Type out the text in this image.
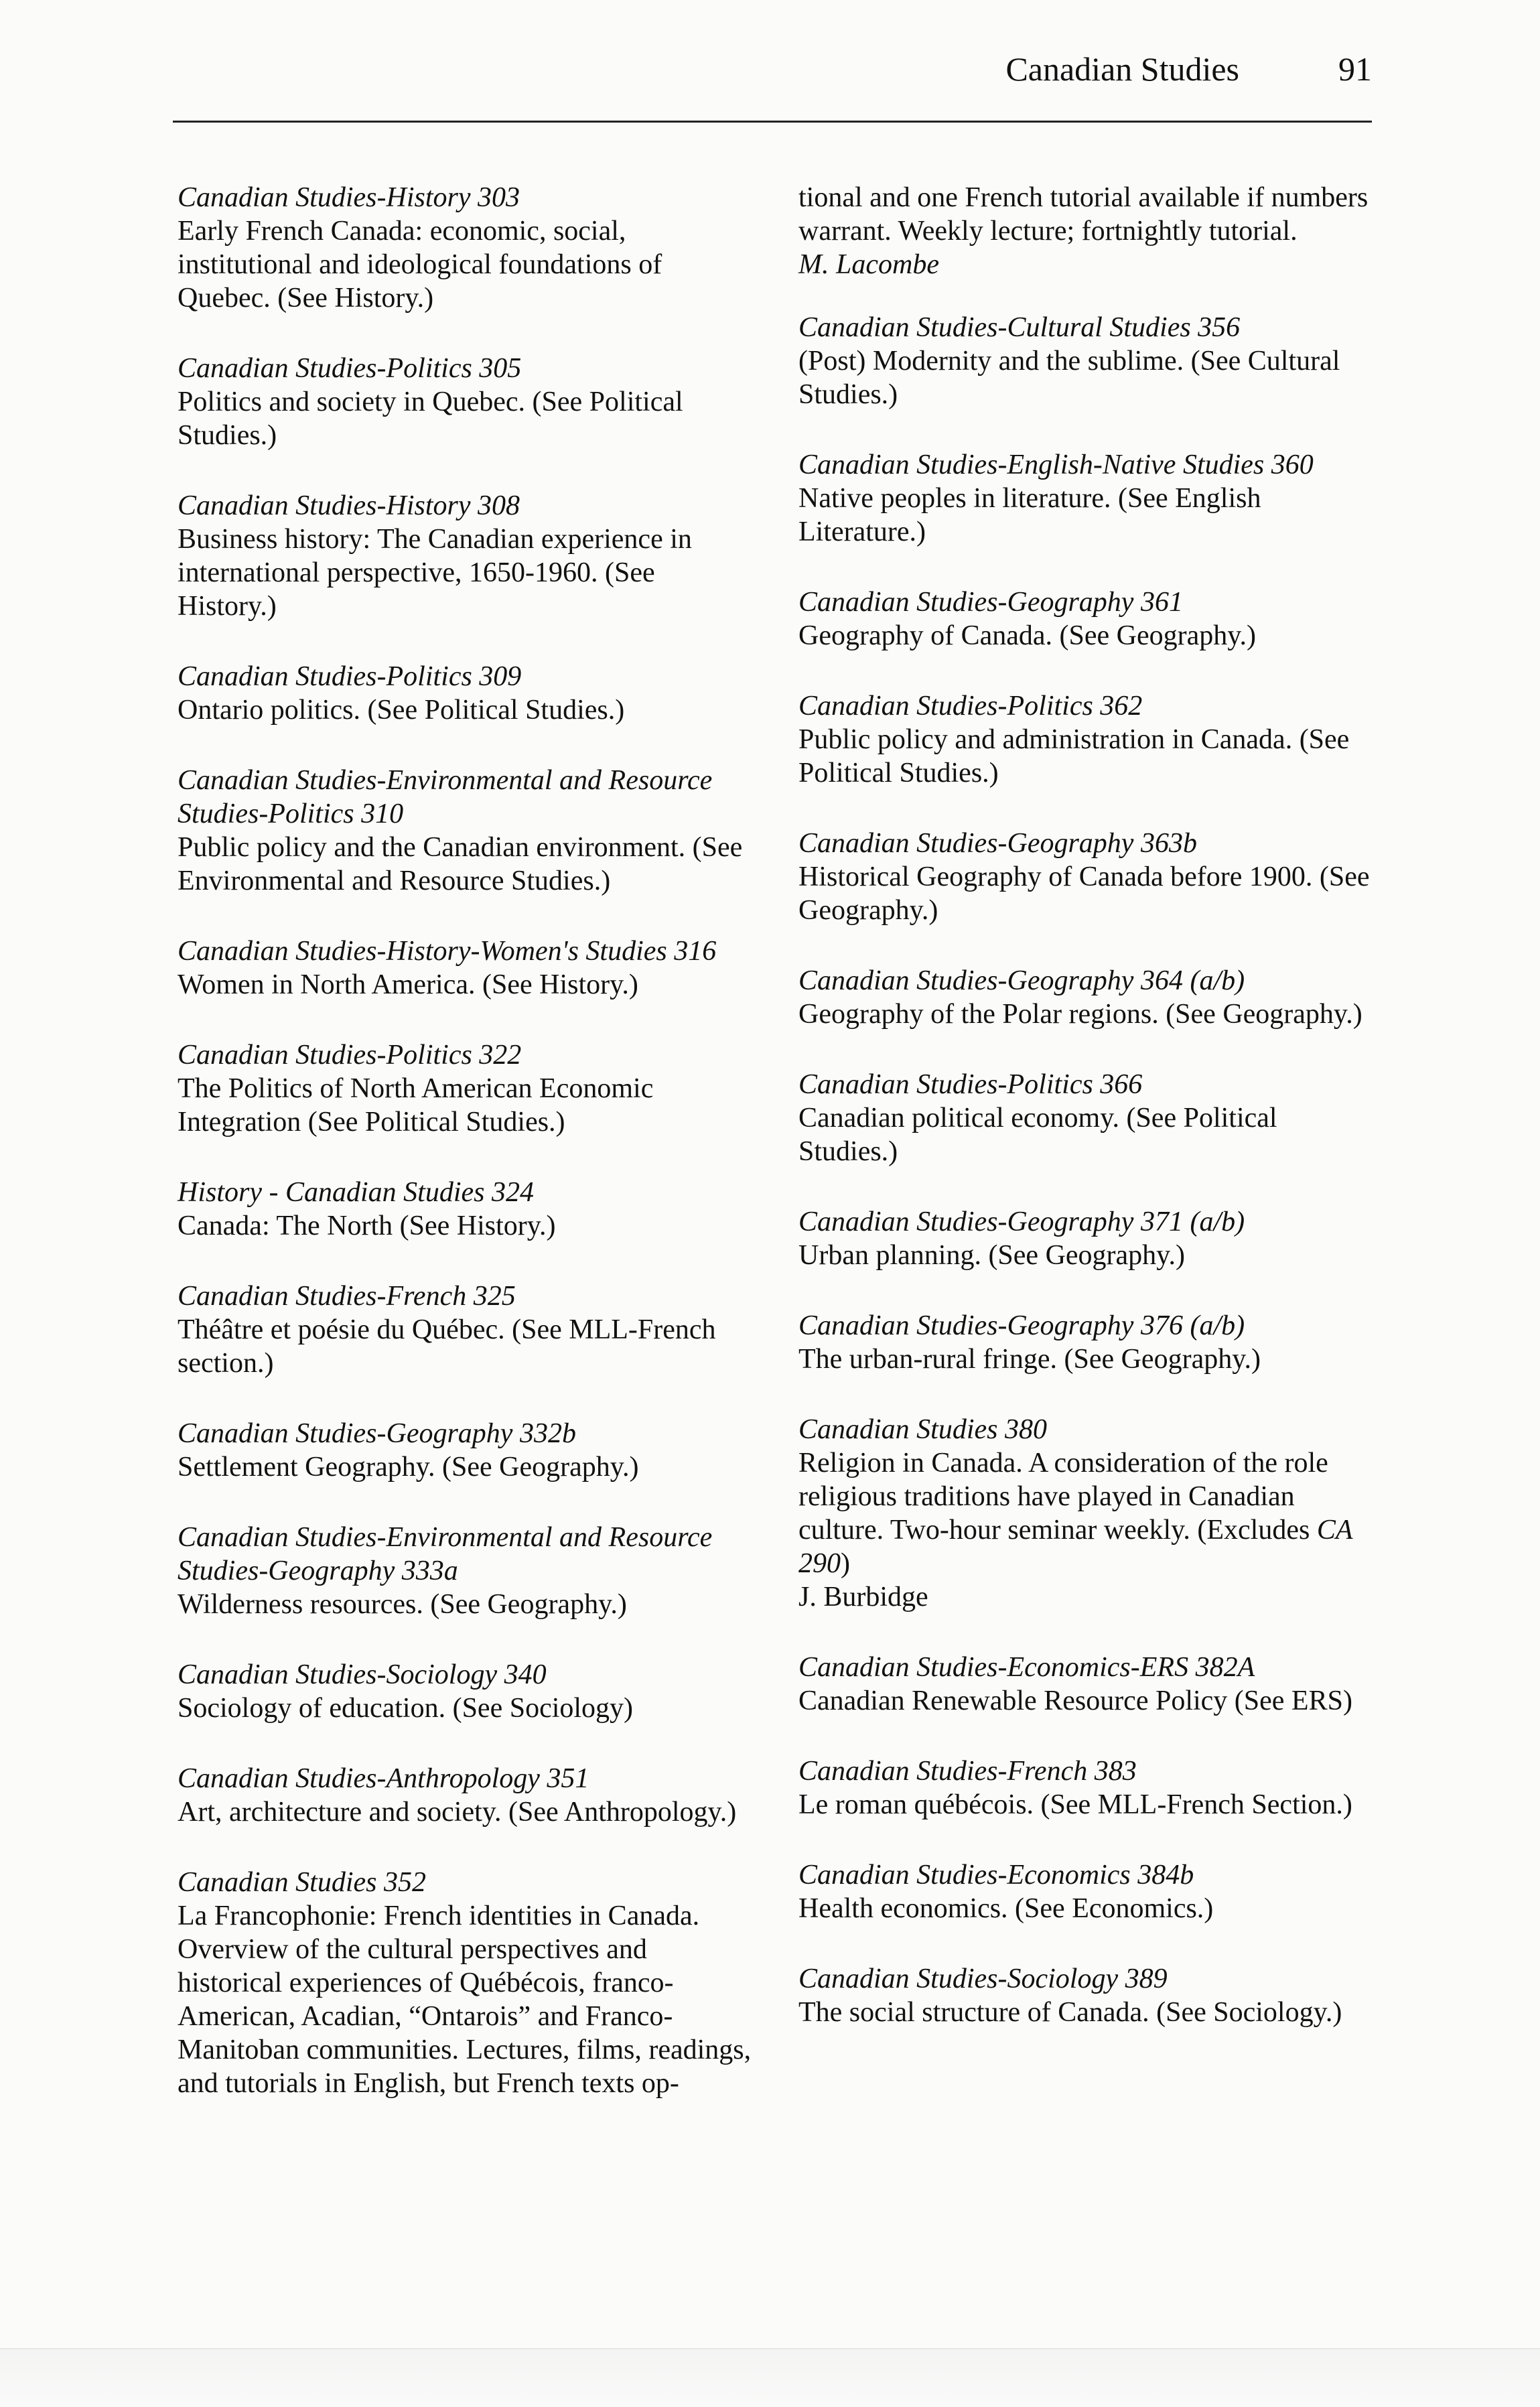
Canadian Studies	91
Canadian Studies-History 303
Early French Canada: economic, social, institutional and ideological foundations of Quebec. (See History.)
Canadian Studies-Politics 305
Politics and society in Quebec. (See Political Studies.)
Canadian Studies-History 308
Business history: The Canadian experience in international perspective, 1650-1960. (See History.)
Canadian Studies-Politics 309
Ontario politics. (See Political Studies.)
Canadian Studies-Environmental and Resource Studies-Politics 310
Public policy and the Canadian environment. (See Environmental and Resource Studies.)
Canadian Studies-History-Women's Studies 316
Women in North America. (See History.)
Canadian Studies-Politics 322
The Politics of North American Economic Integration (See Political Studies.)
History - Canadian Studies 324
Canada: The North (See History.)
Canadian Studies-French 325
Théâtre et poésie du Québec. (See MLL-French section.)
Canadian Studies-Geography 332b
Settlement Geography. (See Geography.)
Canadian Studies-Environmental and Resource Studies-Geography 333a
Wilderness resources. (See Geography.)
Canadian Studies-Sociology 340
Sociology of education. (See Sociology)
Canadian Studies-Anthropology 351
Art, architecture and society. (See Anthropology.)
Canadian Studies 352
La Francophonie: French identities in Canada. Overview of the cultural perspectives and historical experiences of Québécois, franco-American, Acadian, “Ontarois” and Franco-Manitoban communities. Lectures, films, readings, and tutorials in English, but French texts op-
tional and one French tutorial available if numbers warrant. Weekly lecture; fortnightly tutorial.
M. Lacombe
Canadian Studies-Cultural Studies 356
(Post) Modernity and the sublime. (See Cultural Studies.)
Canadian Studies-English-Native Studies 360
Native peoples in literature. (See English Literature.)
Canadian Studies-Geography 361
Geography of Canada. (See Geography.)
Canadian Studies-Politics 362
Public policy and administration in Canada. (See Political Studies.)
Canadian Studies-Geography 363b
Historical Geography of Canada before 1900. (See Geography.)
Canadian Studies-Geography 364 (a/b)
Geography of the Polar regions. (See Geography.)
Canadian Studies-Politics 366
Canadian political economy. (See Political Studies.)
Canadian Studies-Geography 371 (a/b)
Urban planning. (See Geography.)
Canadian Studies-Geography 376 (a/b)
The urban-rural fringe. (See Geography.)
Canadian Studies 380
Religion in Canada. A consideration of the role religious traditions have played in Canadian culture. Two-hour seminar weekly. (Excludes CA 290)
J. Burbidge
Canadian Studies-Economics-ERS 382A
Canadian Renewable Resource Policy (See ERS)
Canadian Studies-French 383
Le roman québécois. (See MLL-French Section.)
Canadian Studies-Economics 384b
Health economics. (See Economics.)
Canadian Studies-Sociology 389
The social structure of Canada. (See Sociology.)
